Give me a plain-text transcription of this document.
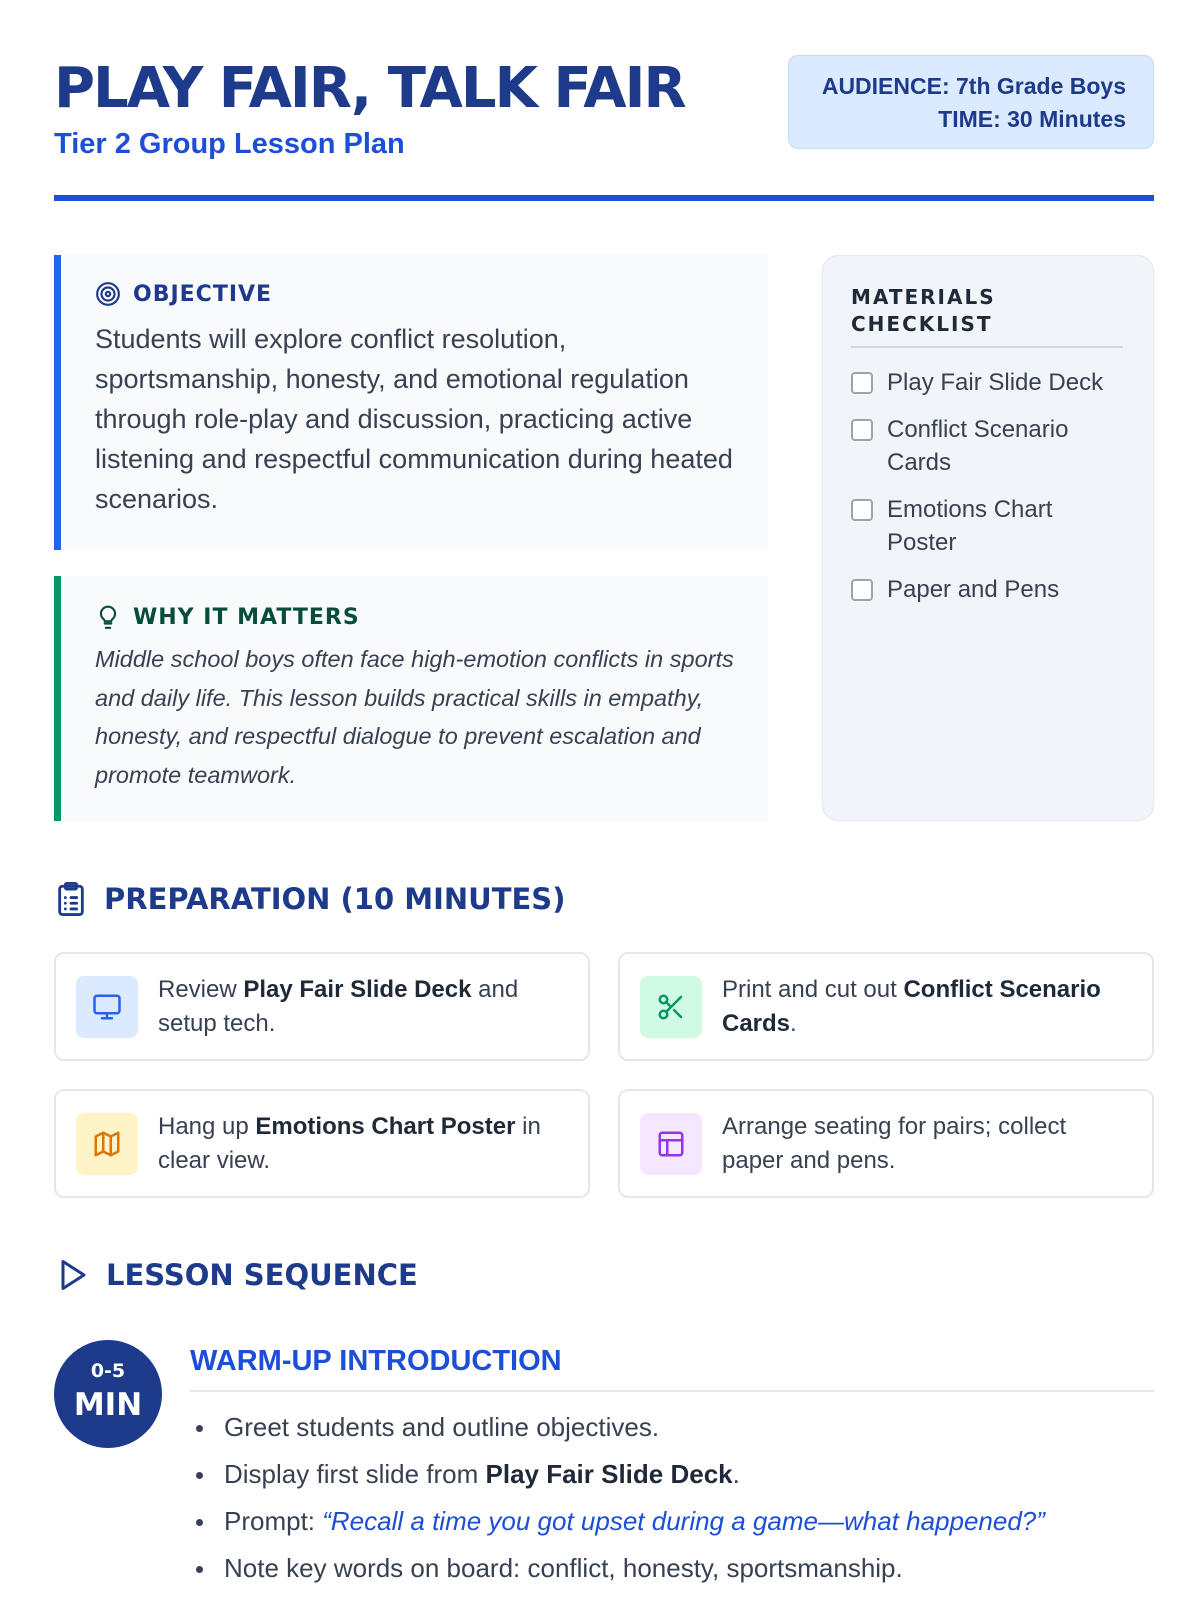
PLAY FAIR, TALK FAIR
Tier 2 Group Lesson Plan
AUDIENCE: 7th Grade Boys
TIME: 30 Minutes
OBJECTIVE

Students will explore conflict resolution, sportsmanship, honesty, and emotional regulation through role-play and discussion, practicing active listening and respectful communication during heated scenarios.

WHY IT MATTERS

Middle school boys often face high-emotion conflicts in sports and daily life. This lesson builds practical skills in empathy, honesty, and respectful dialogue to prevent escalation and promote teamwork.

MATERIALS CHECKLIST
Play Fair Slide Deck
Conflict Scenario Cards
Emotions Chart Poster
Paper and Pens
PREPARATION (10 MINUTES)
Review Play Fair Slide Deck and setup tech.
Print and cut out Conflict Scenario Cards.
Hang up Emotions Chart Poster in clear view.
Arrange seating for pairs; collect paper and pens.
LESSON SEQUENCE
0-5
MIN
WARM-UP INTRODUCTION
Greet students and outline objectives.
Display first slide from Play Fair Slide Deck.
Prompt: “Recall a time you got upset during a game—what happened?”
Note key words on board: conflict, honesty, sportsmanship.
